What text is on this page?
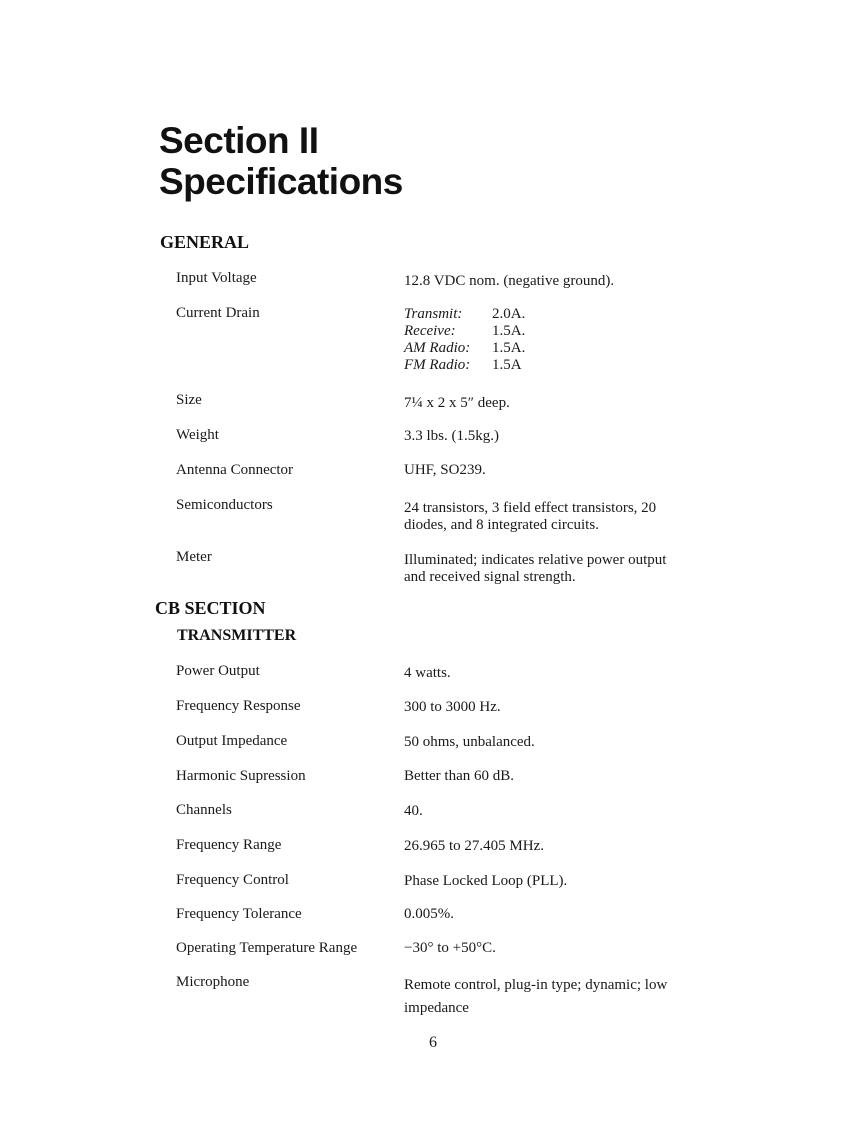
Section II
Specifications
GENERAL
Input Voltage	12.8 VDC nom. (negative ground).
Current Drain	Transmit:	2.0A.
Receive:	1.5A.
AM Radio:	1.5A.
FM Radio:	1.5A
Size	7¼ x 2 x 5″ deep.
Weight	3.3 lbs. (1.5kg.)
Antenna Connector	UHF, SO239.
Semiconductors	24 transistors, 3 field effect transistors, 20
diodes, and 8 integrated circuits.
Meter	Illuminated; indicates relative power output
and received signal strength.
CB SECTION
TRANSMITTER
Power Output	4 watts.
Frequency Response	300 to 3000 Hz.
Output Impedance	50 ohms, unbalanced.
Harmonic Supression	Better than 60 dB.
Channels	40.
Frequency Range	26.965 to 27.405 MHz.
Frequency Control	Phase Locked Loop (PLL).
Frequency Tolerance	0.005%.
Operating Temperature Range	−30° to +50°C.
Microphone	Remote control, plug-in type; dynamic; low
impedance
6
